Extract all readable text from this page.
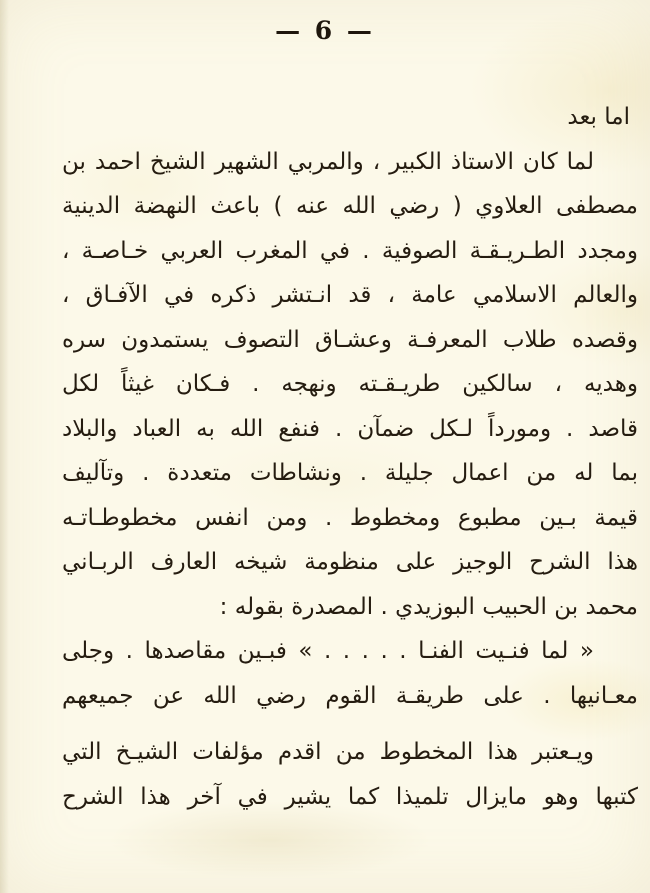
— 6 —
اما بعد
لما كان الاستاذ الكبير ، والمربي الشهير الشيخ احمد بن
مصطفى العلاوي ( رضي الله عنه ) باعث النهضة الدينية
ومجدد الطـريـقـة الصوفية . في المغرب العربي خـاصـة ،
والعالم الاسلامي عامة ، قد انـتشر ذكره في الآفـاق ،
وقصده طلاب المعرفـة وعشـاق التصوف يستمدون سره
وهديه ، سالكين طريـقـته ونهجه . فـكان غيثاً لكل
قاصد . ومورداً لـكل ضمآن . فنفع الله به العباد والبلاد
بما له من اعمال جليلة . ونشاطات متعددة . وتآليف
قيمة بـين مطبوع ومخطوط . ومن انفس مخطوطـاتـه
هذا الشرح الوجيز على منظومة شيخه العارف الربـاني
محمد بن الحبيب البوزيدي . المصدرة بقوله :
« لما فنـيت الفنـا . . . . . » فبـين مقاصدها . وجلى
معـانيها . على طريقـة القوم رضي الله عن جميعهم
ويـعتبر هذا المخطوط من اقدم مؤلفات الشيـخ التي
كتبها وهو مايزال تلميذا كما يشير في آخر هذا الشرح
